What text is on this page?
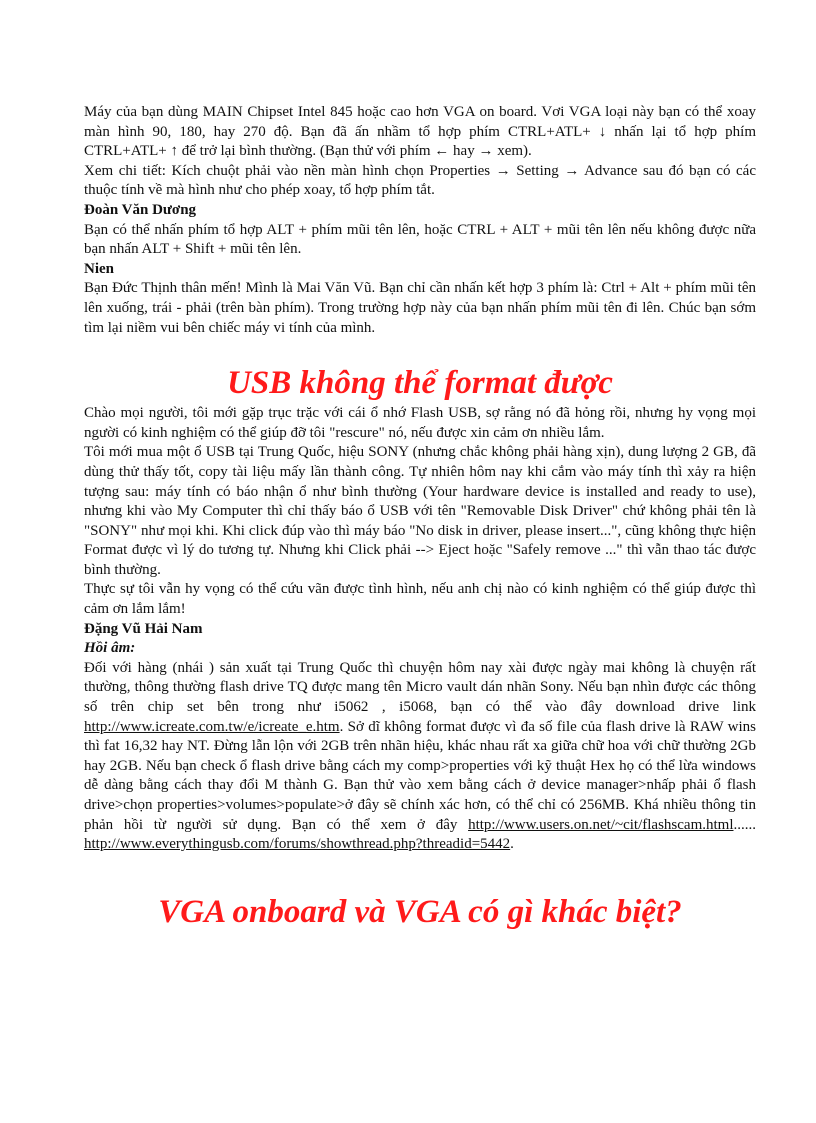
Máy của bạn dùng MAIN Chipset Intel 845 hoặc cao hơn VGA on board. Vơi VGA loại này bạn có thể xoay màn hình 90, 180, hay 270 độ. Bạn đã ấn nhầm tổ hợp phím CTRL+ATL+ ↓ nhấn lại tổ hợp phím CTRL+ATL+ ↑ để trở lại bình thường. (Bạn thử với phím ← hay → xem).

Xem chi tiết: Kích chuột phải vào nền màn hình chọn Properties → Setting → Advance sau đó bạn có các thuộc tính về mà hình như cho phép xoay, tổ hợp phím tắt.

Đoàn Văn Dương

Bạn có thể nhấn phím tổ hợp ALT + phím mũi tên lên, hoặc CTRL + ALT + mũi tên lên nếu không được nữa bạn nhấn ALT + Shift + mũi tên lên.

Nien

Bạn Đức Thịnh thân mến! Mình là Mai Văn Vũ. Bạn chỉ cần nhấn kết hợp 3 phím là: Ctrl + Alt + phím mũi tên lên xuống, trái - phải (trên bàn phím). Trong trường hợp này của bạn nhấn phím mũi tên đi lên. Chúc bạn sớm tìm lại niềm vui bên chiếc máy vi tính của mình.

USB không thể format được

Chào mọi người, tôi mới gặp trục trặc với cái ổ nhớ Flash USB, sợ rằng nó đã hỏng rồi, nhưng hy vọng mọi người có kinh nghiệm có thể giúp đỡ tôi "rescure" nó, nếu được xin cảm ơn nhiều lắm.

Tôi mới mua một ổ USB tại Trung Quốc, hiệu SONY (nhưng chắc không phải hàng xịn), dung lượng 2 GB, đã dùng thử thấy tốt, copy tài liệu mấy lần thành công. Tự nhiên hôm nay khi cắm vào máy tính thì xảy ra hiện tượng sau: máy tính có báo nhận ổ như bình thường (Your hardware device is installed and ready to use), nhưng khi vào My Computer thì chỉ thấy báo ổ USB với tên "Removable Disk Driver" chứ không phải tên là "SONY" như mọi khi. Khi click đúp vào thì máy báo "No disk in driver, please insert...", cũng không thực hiện Format được vì lý do tương tự. Nhưng khi Click phải --> Eject hoặc "Safely remove ..." thì vẫn thao tác được bình thường.

Thực sự tôi vẫn hy vọng có thể cứu vãn được tình hình, nếu anh chị nào có kinh nghiệm có thể giúp được thì cảm ơn lắm lắm!

Đặng Vũ Hải Nam

Hồi âm:

Đối với hàng (nhái ) sản xuất tại Trung Quốc thì chuyện hôm nay xài được ngày mai không là chuyện rất thường, thông thường flash drive TQ được mang tên Micro vault dán nhãn Sony. Nếu bạn nhìn được các thông số trên chip set bên trong như i5062 , i5068, bạn có thể vào đây download drive link http://www.icreate.com.tw/e/icreate_e.htm. Sở dĩ không format được vì đa số file của flash drive là RAW wins thì fat 16,32 hay NT. Đừng lẫn lộn với 2GB trên nhãn hiệu, khác nhau rất xa giữa chữ hoa với chữ thường 2Gb hay 2GB. Nếu bạn check ổ flash drive bằng cách my comp>properties với kỹ thuật Hex họ có thể lừa windows dễ dàng bằng cách thay đổi M thành G. Bạn thử vào xem bằng cách ở device manager>nhấp phải ổ flash drive>chọn properties>volumes>populate>ở đây sẽ chính xác hơn, có thể chỉ có 256MB. Khá nhiều thông tin phản hồi từ người sử dụng. Bạn có thể xem ở đây http://www.users.on.net/~cit/flashscam.html......

http://www.everythingusb.com/forums/showthread.php?threadid=5442.

VGA onboard và VGA có gì khác biệt?
